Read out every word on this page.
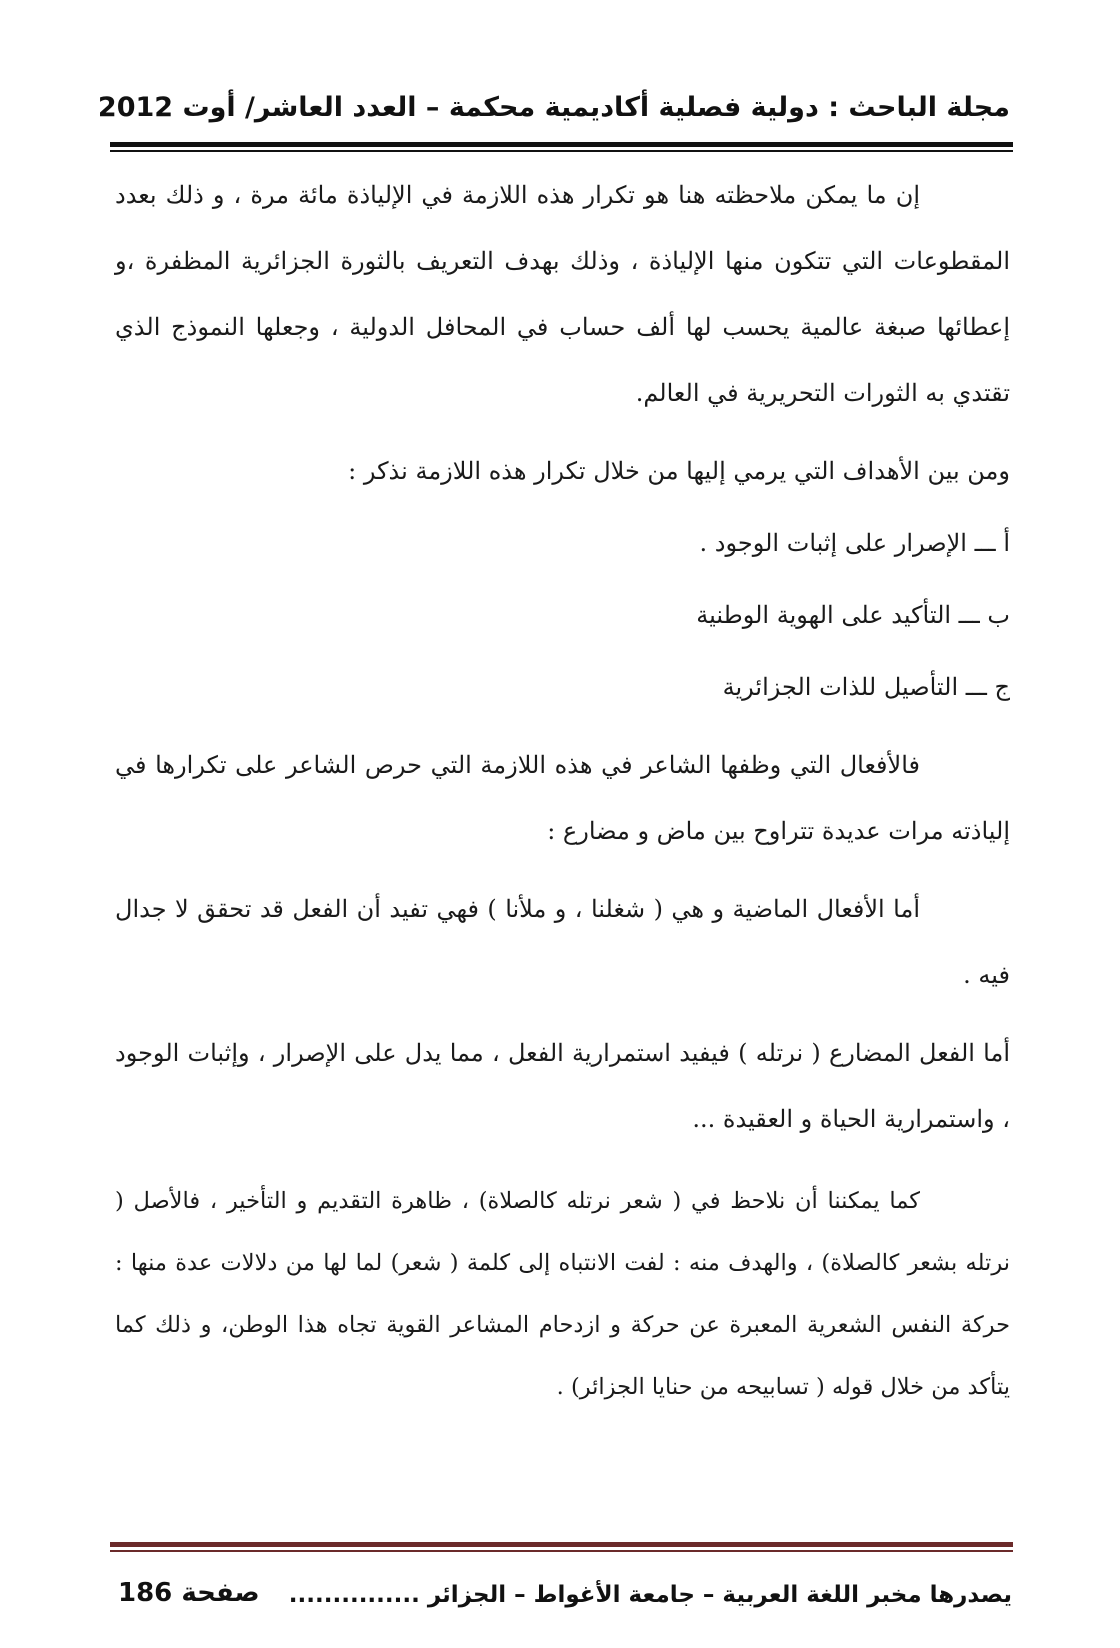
مجلة الباحث : دولية فصلية أكاديمية محكمة – العدد العاشر/ أوت 2012

إن ما يمكن ملاحظته هنا هو تكرار هذه اللازمة في الإلياذة مائة مرة ، و ذلك بعدد المقطوعات التي تتكون منها الإلياذة ، وذلك بهدف التعريف بالثورة الجزائرية المظفرة ،و إعطائها صبغة عالمية يحسب لها ألف حساب في المحافل الدولية ، وجعلها النموذج الذي تقتدي به الثورات التحريرية في العالم.

ومن بين الأهداف التي يرمي إليها من خلال تكرار هذه اللازمة نذكر :

أ ـــ الإصرار على إثبات الوجود .

ب ـــ التأكيد على الهوية الوطنية

ج ـــ التأصيل للذات الجزائرية

فالأفعال التي وظفها الشاعر في هذه اللازمة التي حرص الشاعر على تكرارها في إلياذته مرات عديدة تتراوح بين ماض و مضارع :

أما الأفعال الماضية و هي ( شغلنا ، و ملأنا ) فهي تفيد أن الفعل قد تحقق لا جدال فيه .

أما الفعل المضارع ( نرتله ) فيفيد استمرارية الفعل ، مما يدل على الإصرار ، وإثبات الوجود ، واستمرارية الحياة و العقيدة ...

كما يمكننا أن نلاحظ في ( شعر نرتله كالصلاة) ، ظاهرة التقديم و التأخير ، فالأصل ( نرتله بشعر كالصلاة) ، والهدف منه : لفت الانتباه إلى كلمة ( شعر) لما لها من دلالات عدة منها : حركة النفس الشعرية المعبرة عن حركة و ازدحام المشاعر القوية تجاه هذا الوطن، و ذلك كما يتأكد من خلال قوله ( تسابيحه من حنايا الجزائر) .

يصدرها مخبر اللغة العربية – جامعة الأغواط – الجزائر ...............
صفحة 186
